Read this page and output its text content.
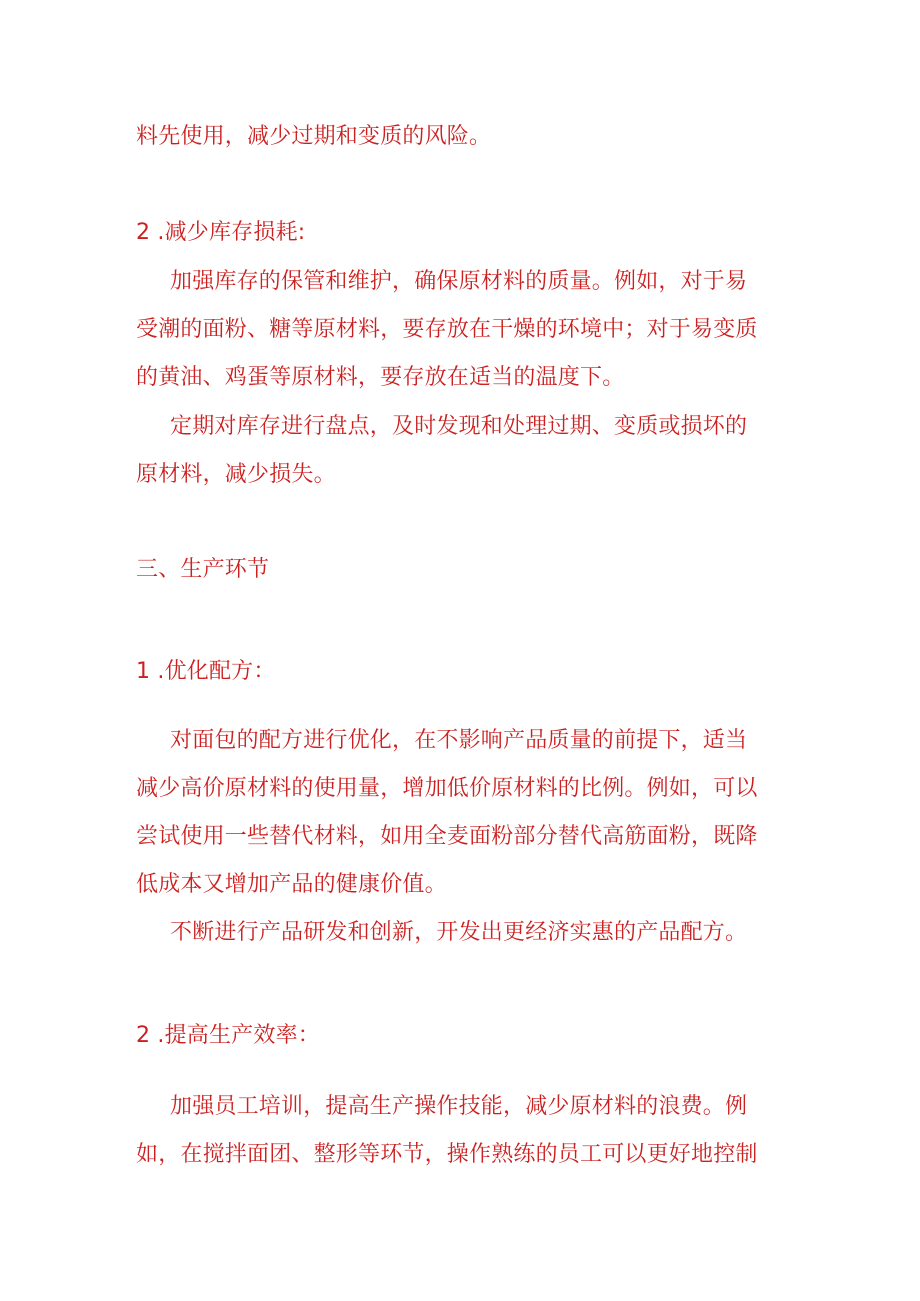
料先使用，减少过期和变质的风险。
2 .减少库存损耗:
加强库存的保管和维护，确保原材料的质量。例如，对于易
受潮的面粉、糖等原材料，要存放在干燥的环境中；对于易变质
的黄油、鸡蛋等原材料，要存放在适当的温度下。
定期对库存进行盘点，及时发现和处理过期、变质或损坏的
原材料，减少损失。
三、生产环节
1 .优化配方：
对面包的配方进行优化，在不影响产品质量的前提下，适当
减少高价原材料的使用量，增加低价原材料的比例。例如，可以
尝试使用一些替代材料，如用全麦面粉部分替代高筋面粉，既降
低成本又增加产品的健康价值。
不断进行产品研发和创新，开发出更经济实惠的产品配方。
2 .提高生产效率：
加强员工培训，提高生产操作技能，减少原材料的浪费。例
如，在搅拌面团、整形等环节，操作熟练的员工可以更好地控制
